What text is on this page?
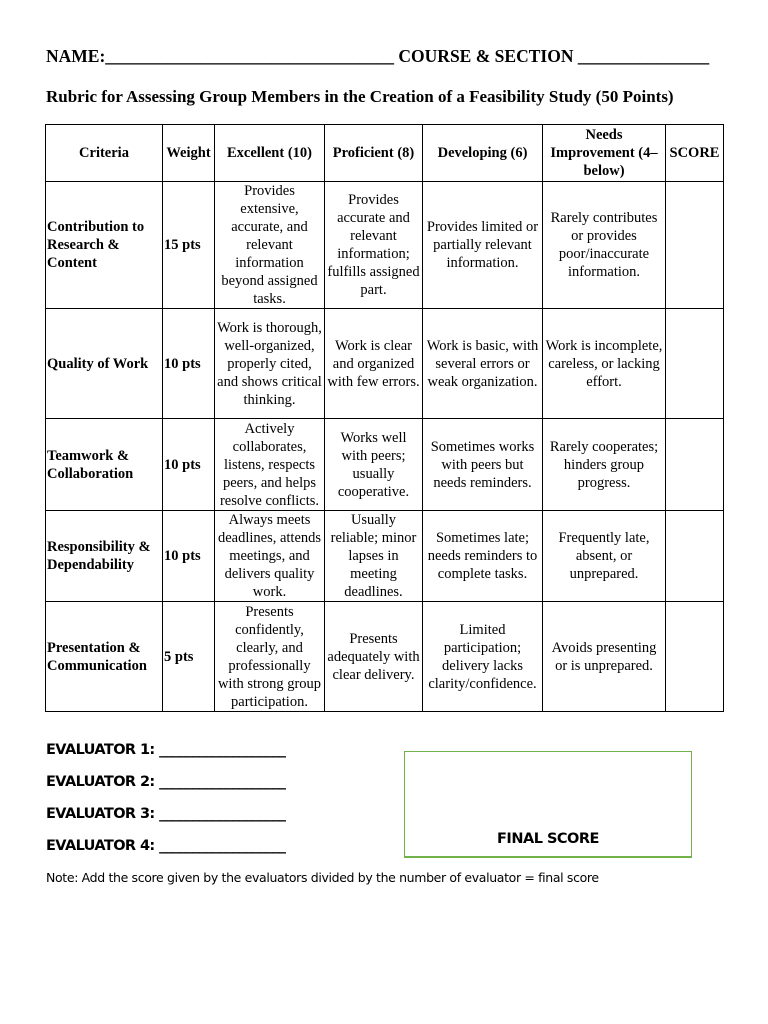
NAME:_________________________________ COURSE & SECTION _______________
Rubric for Assessing Group Members in the Creation of a Feasibility Study (50 Points)
Criteria	Weight	Excellent (10)	Proficient (8)	Developing (6)	Needs Improvement (4–below)	SCORE
Contribution to Research & Content	15 pts	Provides extensive, accurate, and relevant information beyond assigned tasks.	Provides accurate and relevant information; fulfills assigned part.	Provides limited or partially relevant information.	Rarely contributes or provides poor/inaccurate information.	
Quality of Work	10 pts	Work is thorough, well-organized, properly cited, and shows critical thinking.	Work is clear and organized with few errors.	Work is basic, with several errors or weak organization.	Work is incomplete, careless, or lacking effort.	
Teamwork & Collaboration	10 pts	Actively collaborates, listens, respects peers, and helps resolve conflicts.	Works well with peers; usually cooperative.	Sometimes works with peers but needs reminders.	Rarely cooperates; hinders group progress.	
Responsibility & Dependability	10 pts	Always meets deadlines, attends meetings, and delivers quality work.	Usually reliable; minor lapses in meeting deadlines.	Sometimes late; needs reminders to complete tasks.	Frequently late, absent, or unprepared.	
Presentation & Communication	5 pts	Presents confidently, clearly, and professionally with strong group participation.	Presents adequately with clear delivery.	Limited participation; delivery lacks clarity/confidence.	Avoids presenting or is unprepared.	
EVALUATOR 1: ___________________
EVALUATOR 2: ___________________
EVALUATOR 3: ___________________
EVALUATOR 4: ___________________	FINAL SCORE
Note: Add the score given by the evaluators divided by the number of evaluator = final score
